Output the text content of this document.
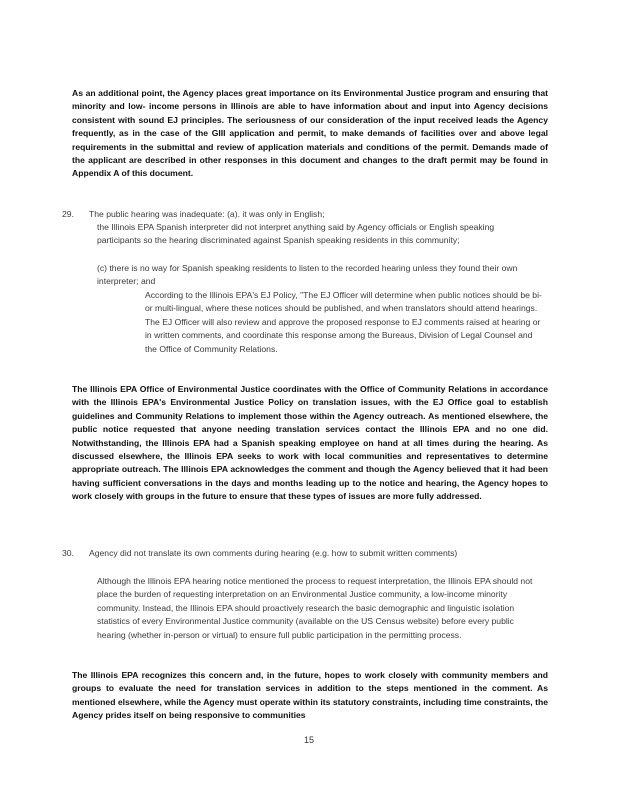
As an additional point, the Agency places great importance on its Environmental Justice program and ensuring that minority and low- income persons in Illinois are able to have information about and input into Agency decisions consistent with sound EJ principles. The seriousness of our consideration of the input received leads the Agency frequently, as in the case of the GIII application and permit, to make demands of facilities over and above legal requirements in the submittal and review of application materials and conditions of the permit. Demands made of the applicant are described in other responses in this document and changes to the draft permit may be found in Appendix A of this document.

29. The public hearing was inadequate: (a). it was only in English;

the Illinois EPA Spanish interpreter did not interpret anything said by Agency officials or English speaking participants so the hearing discriminated against Spanish speaking residents in this community;

(c) there is no way for Spanish speaking residents to listen to the recorded hearing unless they found their own interpreter; and

According to the Illinois EPA's EJ Policy, "The EJ Officer will determine when public notices should be bi- or multi-lingual, where these notices should be published, and when translators should attend hearings. The EJ Officer will also review and approve the proposed response to EJ comments raised at hearing or in written comments, and coordinate this response among the Bureaus, Division of Legal Counsel and the Office of Community Relations.

The Illinois EPA Office of Environmental Justice coordinates with the Office of Community Relations in accordance with the Illinois EPA's Environmental Justice Policy on translation issues, with the EJ Office goal to establish guidelines and Community Relations to implement those within the Agency outreach. As mentioned elsewhere, the public notice requested that anyone needing translation services contact the Illinois EPA and no one did. Notwithstanding, the Illinois EPA had a Spanish speaking employee on hand at all times during the hearing. As discussed elsewhere, the Illinois EPA seeks to work with local communities and representatives to determine appropriate outreach. The Illinois EPA acknowledges the comment and though the Agency believed that it had been having sufficient conversations in the days and months leading up to the notice and hearing, the Agency hopes to work closely with groups in the future to ensure that these types of issues are more fully addressed.

30. Agency did not translate its own comments during hearing (e.g. how to submit written comments)

Although the Illinois EPA hearing notice mentioned the process to request interpretation, the Illinois EPA should not place the burden of requesting interpretation on an Environmental Justice community, a low-income minority community. Instead, the Illinois EPA should proactively research the basic demographic and linguistic isolation statistics of every Environmental Justice community (available on the US Census website) before every public hearing (whether in-person or virtual) to ensure full public participation in the permitting process.

The Illinois EPA recognizes this concern and, in the future, hopes to work closely with community members and groups to evaluate the need for translation services in addition to the steps mentioned in the comment. As mentioned elsewhere, while the Agency must operate within its statutory constraints, including time constraints, the Agency prides itself on being responsive to communities

15
